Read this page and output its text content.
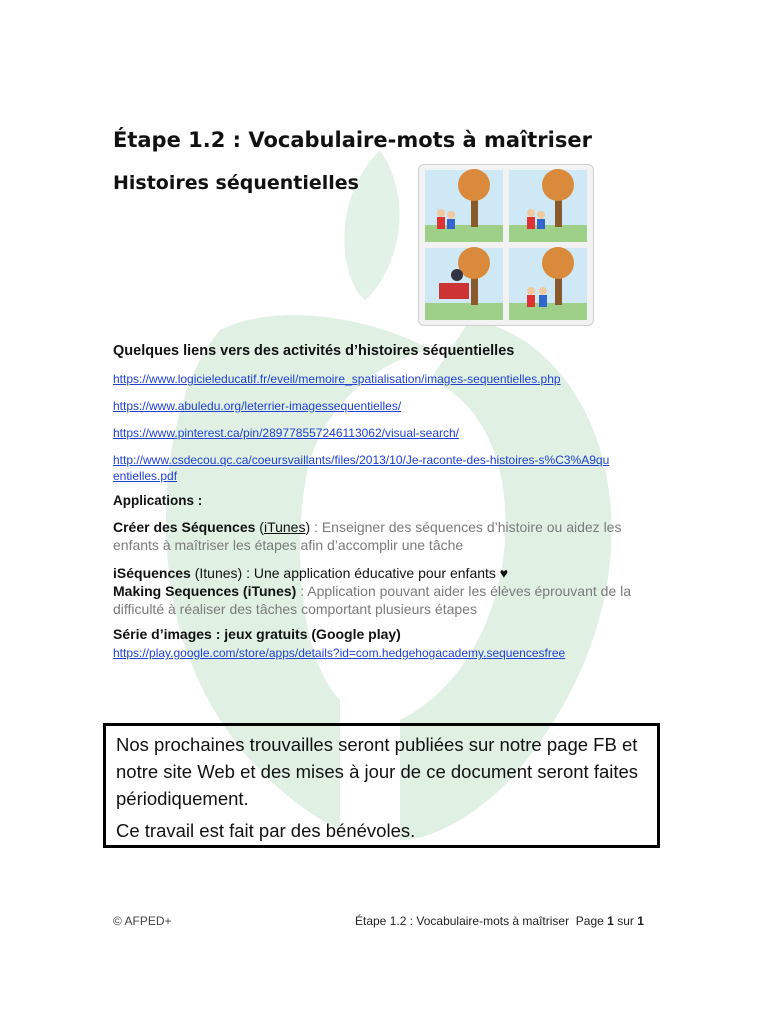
Étape 1.2 : Vocabulaire-mots à maîtriser
Histoires séquentielles
Quelques liens vers des activités d’histoires séquentielles
https://www.logicieleducatif.fr/eveil/memoire_spatialisation/images-sequentielles.php
https://www.abuledu.org/leterrier-imagessequentielles/
https://www.pinterest.ca/pin/289778557246113062/visual-search/
http://www.csdecou.qc.ca/coeursvaillants/files/2013/10/Je-raconte-des-histoires-s%C3%A9quentielles.pdf
Applications :
Créer des Séquences (iTunes) : Enseigner des séquences d’histoire ou aidez les enfants à maîtriser les étapes afin d’accomplir une tâche
iSéquences (Itunes) : Une application éducative pour enfants ♥
Making Sequences (iTunes) : Application pouvant aider les élèves éprouvant de la difficulté à réaliser des tâches comportant plusieurs étapes
Série d’images : jeux gratuits (Google play)
https://play.google.com/store/apps/details?id=com.hedgehogacademy.sequencesfree

Nos prochaines trouvailles seront publiées sur notre page FB et notre site Web et des mises à jour de ce document seront faites périodiquement.

Ce travail est fait par des bénévoles.

© AFPED+	Étape 1.2 : Vocabulaire-mots à maîtriser Page 1 sur 1
